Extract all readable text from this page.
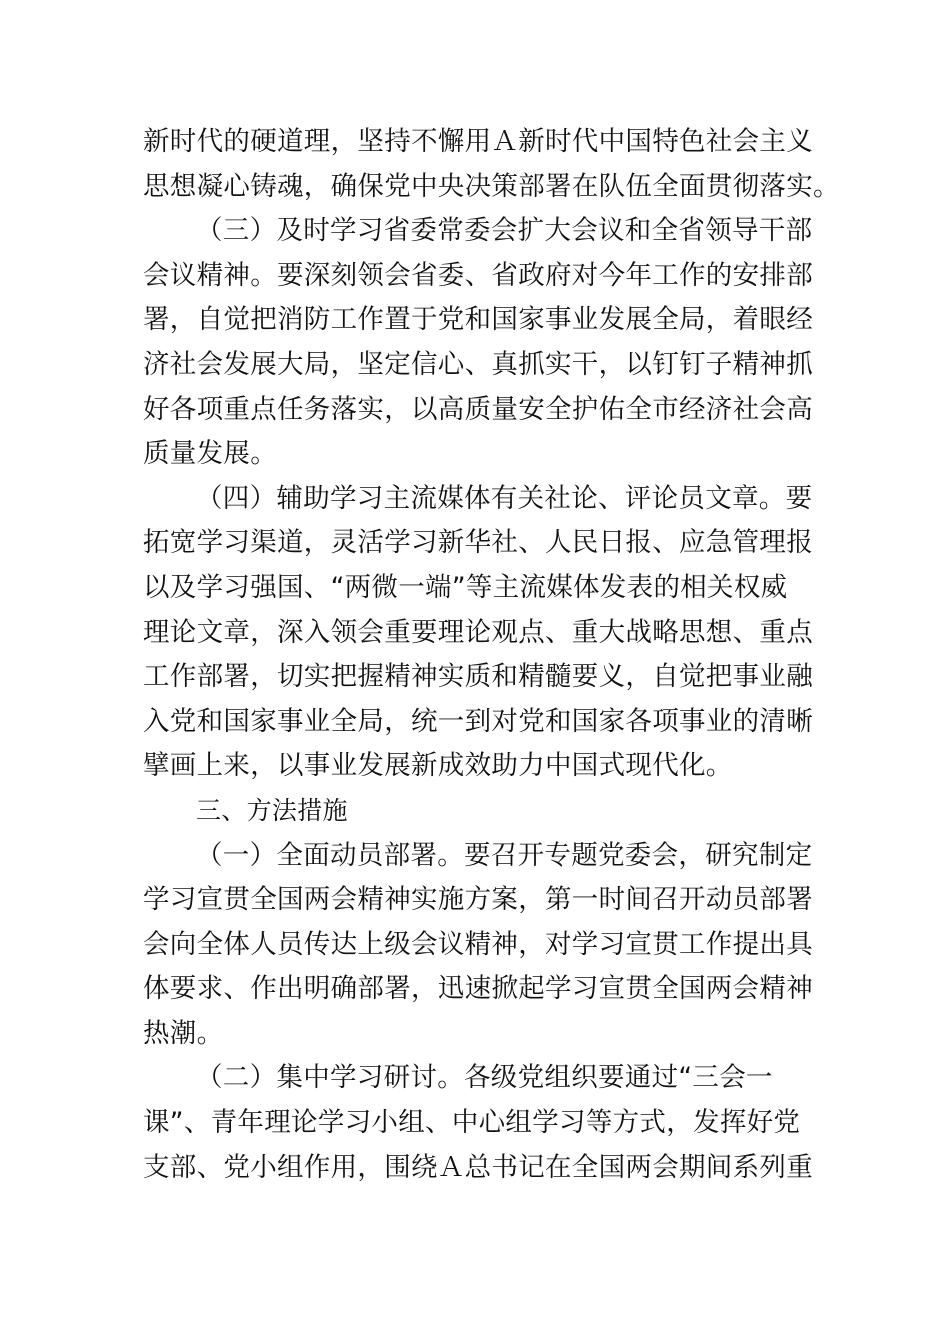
新时代的硬道理，坚持不懈用Ａ新时代中国特色社会主义
思想凝心铸魂，确保党中央决策部署在队伍全面贯彻落实。
（三）及时学习省委常委会扩大会议和全省领导干部
会议精神。要深刻领会省委、省政府对今年工作的安排部
署，自觉把消防工作置于党和国家事业发展全局，着眼经
济社会发展大局，坚定信心、真抓实干，以钉钉子精神抓
好各项重点任务落实，以高质量安全护佑全市经济社会高
质量发展。
（四）辅助学习主流媒体有关社论、评论员文章。要
拓宽学习渠道，灵活学习新华社、人民日报、应急管理报
以及学习强国、“两微一端”等主流媒体发表的相关权威
理论文章，深入领会重要理论观点、重大战略思想、重点
工作部署，切实把握精神实质和精髓要义，自觉把事业融
入党和国家事业全局，统一到对党和国家各项事业的清晰
擘画上来，以事业发展新成效助力中国式现代化。
三、方法措施
（一）全面动员部署。要召开专题党委会，研究制定
学习宣贯全国两会精神实施方案，第一时间召开动员部署
会向全体人员传达上级会议精神，对学习宣贯工作提出具
体要求、作出明确部署，迅速掀起学习宣贯全国两会精神
热潮。
（二）集中学习研讨。各级党组织要通过“三会一
课”、青年理论学习小组、中心组学习等方式，发挥好党
支部、党小组作用，围绕Ａ总书记在全国两会期间系列重
